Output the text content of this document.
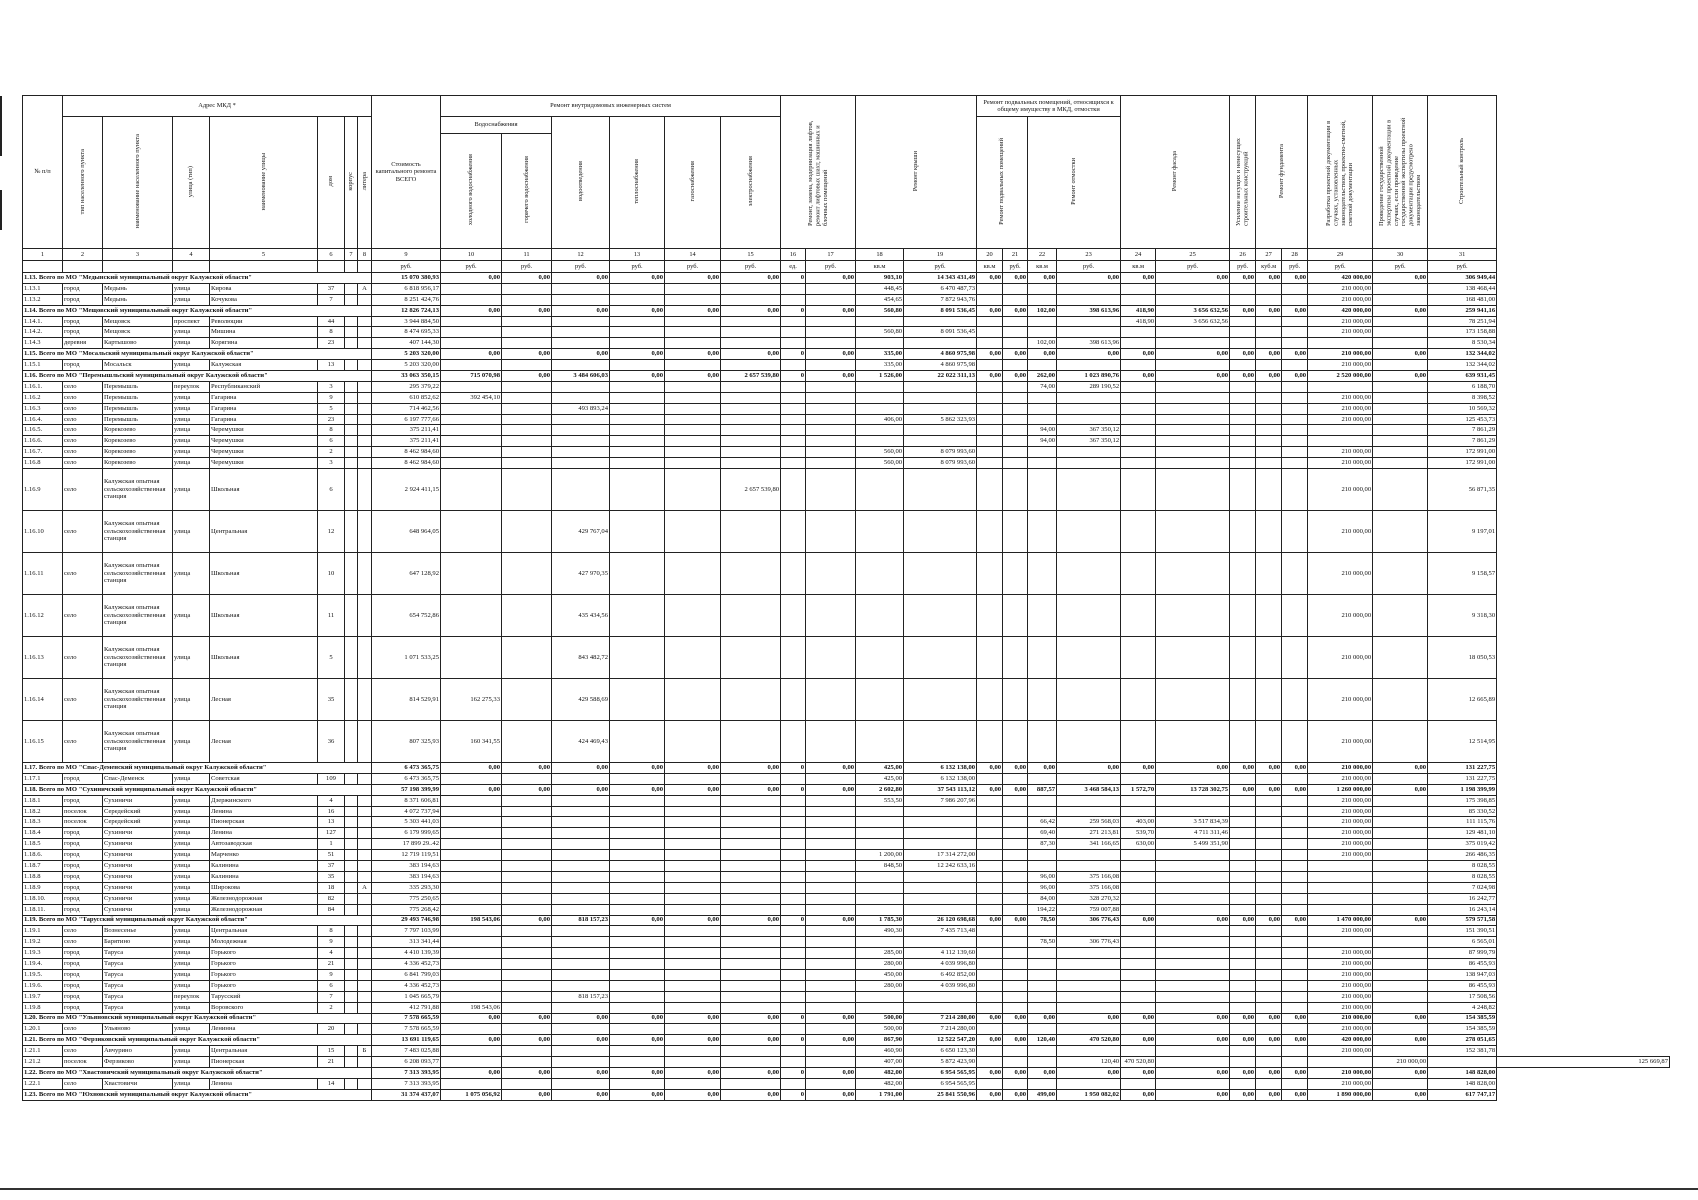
№ п/п	Адрес МКД *							Стоимость капитального ремонта ВСЕГО	Ремонт внутридомовых инженерных систем						Ремонт, замена, модернизация лифтов, ремонт лифтовых шахт, машинных и блочных помещений		Ремонт крыши		Ремонт подвальных помещений, относящихся к общему имуществу в МКД, отмостки				Ремонт фасада		Усиление несущих и ненесущих строительных конструкций	Ремонт фундамента		Разработка проектной документации в случаях, установленных законодательством, проектно-сметной, сметной документации	Проведение государственной экспертизы проектной документации в случаях, если проведение государственной экспертизы проектной документации предусмотрено законодательством	Строительный контроль	
	тип населенного пункта	наименование населенного пункта	улица (тип)	наименование улицы	дом	корпус	литера		Водоснабжения		водоотведения	теплоснабжения	газоснабжения	электроснабжения					Ремонт подвальных помещений		Ремонт отмостки										
									холодного водоснабжения	горячего водоснабжения																					
1	2	3	4	5	6	7	8	9	10	11	12	13	14	15	16	17	18	19	20	21	22	23	24	25	26	27	28	29	30	31	
								руб.	руб.	руб.	руб.	руб.	руб.	руб.	ед.	руб.	кв.м	руб.	кв.м	руб.	кв.м	руб.	кв.м	руб.	руб.	куб.м	руб.	руб.	руб.	руб.	
1.13. Всего по МО "Медынский муниципальный округ Калужской области"								15 070 380,93	0,00	0,00	0,00	0,00	0,00	0,00	0	0,00	903,10	14 343 431,49	0,00	0,00	0,00	0,00	0,00	0,00	0,00	0,00	0,00	420 000,00	0,00	306 949,44	
1.13.1	город	Медынь	улица	Кирова	37		А	6 818 956,17									448,45	6 470 487,73										210 000,00		138 468,44	
1.13.2	город	Медынь	улица	Кочукова	7			8 251 424,76									454,65	7 872 943,76										210 000,00		168 481,00	
1.14. Всего по МО "Мещовский муниципальный округ Калужской области"								12 826 724,13	0,00	0,00	0,00	0,00	0,00	0,00	0	0,00	560,80	8 091 536,45	0,00	0,00	102,00	398 613,96	418,90	3 656 632,56	0,00	0,00	0,00	420 000,00	0,00	259 941,16	
1.14.1.	город	Мещовск	проспект	Революции	44			3 944 884,50															418,90	3 656 632,56				210 000,00		78 251,94	
1.14.2.	город	Мещовск	улица	Мишина	8			8 474 695,33									560,80	8 091 536,45										210 000,00		173 158,88	
1.14.3	деревня	Картышово	улица	Корягина	23			407 144,30													102,00	398 613,96								8 530,34	
1.15. Всего по МО "Мосальский муниципальный округ Калужской области"								5 203 320,00	0,00	0,00	0,00	0,00	0,00	0,00	0	0,00	335,00	4 860 975,98	0,00	0,00	0,00	0,00	0,00	0,00	0,00	0,00	0,00	210 000,00	0,00	132 344,02	
1.15.1	город	Мосальск	улица	Калужская	13			5 203 320,00									335,00	4 860 975,98										210 000,00		132 344,02	
1.16. Всего по МО "Перемышльский муниципальный округ Калужской области"								33 063 350,15	715 070,98	0,00	3 484 606,03	0,00	0,00	2 657 539,80	0	0,00	1 526,00	22 022 311,13	0,00	0,00	262,00	1 023 890,76	0,00	0,00	0,00	0,00	0,00	2 520 000,00	0,00	639 931,45	
1.16.1.	село	Перемышль	переулок	Республиканский	3			295 379,22													74,00	289 190,52								6 188,70	
1.16.2	село	Перемышль	улица	Гагарина	9			610 852,62	392 454,10																			210 000,00		8 398,52	
1.16.3	село	Перемышль	улица	Гагарина	5			714 462,56			493 893,24																	210 000,00		10 569,32	
1.16.4.	село	Перемышль	улица	Гагарина	23			6 197 777,66									406,00	5 862 323,93										210 000,00		125 453,73	
1.16.5.	село	Корекозево	улица	Черемушки	8			375 211,41													94,00	367 350,12								7 861,29	
1.16.6.	село	Корекозево	улица	Черемушки	6			375 211,41													94,00	367 350,12								7 861,29	
1.16.7.	село	Корекозево	улица	Черемушки	2			8 462 984,60									560,00	8 079 993,60										210 000,00		172 991,00	
1.16.8	село	Корекозево	улица	Черемушки	3			8 462 984,60									560,00	8 079 993,60										210 000,00		172 991,00	
1.16.9	село	Калужская опытная сельскохозяйственная станция	улица	Школьная	6			2 924 411,15						2 657 539,80														210 000,00		56 871,35	
1.16.10	село	Калужская опытная сельскохозяйственная станция	улица	Центральная	12			648 964,05			429 767,04																	210 000,00		9 197,01	
1.16.11	село	Калужская опытная сельскохозяйственная станция	улица	Школьная	10			647 128,92			427 970,35																	210 000,00		9 158,57	
1.16.12	село	Калужская опытная сельскохозяйственная станция	улица	Школьная	11			654 752,86			435 434,56																	210 000,00		9 318,30	
1.16.13	село	Калужская опытная сельскохозяйственная станция	улица	Школьная	5			1 071 533,25			843 482,72																	210 000,00		18 050,53	
1.16.14	село	Калужская опытная сельскохозяйственная станция	улица	Лесная	35			814 529,91	162 275,33		429 588,69																	210 000,00		12 665,89	
1.16.15	село	Калужская опытная сельскохозяйственная станция	улица	Лесная	36			807 325,93	160 341,55		424 469,43																	210 000,00		12 514,95	
1.17. Всего по МО "Спас-Деменский муниципальный округ Калужской области"								6 473 365,75	0,00	0,00	0,00	0,00	0,00	0,00	0	0,00	425,00	6 132 138,00	0,00	0,00	0,00	0,00	0,00	0,00	0,00	0,00	0,00	210 000,00	0,00	131 227,75	
1.17.1	город	Спас-Деменск	улица	Советская	109			6 473 365,75									425,00	6 132 138,00										210 000,00		131 227,75	
1.18. Всего по МО "Сухиничский муниципальный округ Калужской области"								57 198 399,99	0,00	0,00	0,00	0,00	0,00	0,00	0	0,00	2 602,80	37 543 113,12	0,00	0,00	887,57	3 468 584,13	1 572,70	13 728 302,75	0,00	0,00	0,00	1 260 000,00	0,00	1 198 399,99	
1.18.1	город	Сухиничи	улица	Дзержинского	4			8 371 606,81									553,50	7 986 207,96										210 000,00		175 398,85	
1.18.2	поселок	Середейский	улица	Ленина	16			4 072 737,94																				210 000,00		85 330,52	
1.18.3	поселок	Середейский	улица	Пионерская	13			5 303 441,03													66,42	259 568,03	403,00	3 517 834,39				210 000,00		111 115,76	
1.18.4	город	Сухиничи	улица	Ленина	127			6 179 999,65													69,40	271 213,81	539,70	4 711 311,46				210 000,00		129 481,10	
1.18.5	город	Сухиничи	улица	Автозаводская	1			17 899 29..42													87,30	341 166,65	630,00	5 499 351,90				210 000,00		375 019,42	
1.18.6.	город	Сухиничи	улица	Марченко	51			12 719 119,51									1 200,00	17 314 272,00										210 000,00		266 486,35	
1.18.7	город	Сухиничи	улица	Калинина	37			383 194,63									848,50	12 242 633,16												8 028,55	
1.18.8	город	Сухиничи	улица	Калинина	35			383 194,63													96,00	375 166,08								8 028,55	
1.18.9	город	Сухиничи	улица	Широкова	18		А	335 293,30													96,00	375 166,08								7 024,98	
1.18.10.	город	Сухиничи	улица	Железнодорожная	82			775 250,65													84,00	328 270,32								16 242,77	
1.18.11.	город	Сухиничи	улица	Железнодорожная	84			775 268,42													194,22	759 007,88								16 243,14	
1.19. Всего по МО "Тарусский муниципальный округ Калужской области"								29 493 746,98	198 543,06	0,00	818 157,23	0,00	0,00	0,00	0	0,00	1 785,30	26 120 698,68	0,00	0,00	78,50	306 776,43	0,00	0,00	0,00	0,00	0,00	1 470 000,00	0,00	579 571,58	
1.19.1	село	Вознесенье	улица	Центральная	8			7 797 103,99									490,30	7 435 713,48										210 000,00		151 390,51	
1.19.2	село	Барятино	улица	Молодежная	9			313 341,44													78,50	306 776,43								6 565,01	
1.19.3	город	Таруса	улица	Горького	4			4 410 139,39									285,00	4 112 139,60										210 000,00		87 999,79	
1.19.4.	город	Таруса	улица	Горького	21			4 336 452,73									280,00	4 039 996,80										210 000,00		86 455,93	
1.19.5.	город	Таруса	улица	Горького	9			6 841 799,03									450,00	6 492 852,00										210 000,00		138 947,03	
1.19.6.	город	Таруса	улица	Горького	6			4 336 452,73									280,00	4 039 996,80										210 000,00		86 455,93	
1.19.7	город	Таруса	переулок	Тарусский	7			1 045 665,79			818 157,23																	210 000,00		17 508,56	
1.19.8	город	Таруса	улица	Воровского	2			412 791,88	198 543,06																			210 000,00		4 248,82	
1.20. Всего по МО "Ульяновский муниципальный округ Калужской области"								7 578 665,59	0,00	0,00	0,00	0,00	0,00	0,00	0	0,00	500,00	7 214 280,00	0,00	0,00	0,00	0,00	0,00	0,00	0,00	0,00	0,00	210 000,00	0,00	154 385,59	
1.20.1	село	Ульяново	улица	Ленинна	20			7 578 665,59									500,00	7 214 280,00										210 000,00		154 385,59	
1.21. Всего по МО "Ферзиковский муниципальный округ Калужской области"								13 691 119,65	0,00	0,00	0,00	0,00	0,00	0,00	0	0,00	867,90	12 522 547,20	0,00	0,00	120,40	470 520,80	0,00	0,00	0,00	0,00	0,00	420 000,00	0,00	278 051,65	
1.21.1	село	Авчурино	улица	Центральная	15		Б	7 483 025,88									460,90	6 650 123,30										210 000,00		152 381,78	
1.21.2	поселок	Ферзиково	улица	Пионерская	21			6 208 093,77									407,00	5 872 423,90				120,40	470 520,80						210 000,00		125 669,87
1.22. Всего по МО "Хвастовичский муниципальный округ Калужской области"								7 313 393,95	0,00	0,00	0,00	0,00	0,00	0,00	0	0,00	482,00	6 954 565,95	0,00	0,00	0,00	0,00	0,00	0,00	0,00	0,00	0,00	210 000,00	0,00	148 828,00	
1.22.1	село	Хвастовичи	улица	Ленина	14			7 313 393,95									482,00	6 954 565,95										210 000,00		148 828,00	
1.23. Всего по МО "Юхновский муниципальный округ Калужской области"								31 374 437,07	1 075 056,92	0,00	0,00	0,00	0,00	0,00	0	0,00	1 791,00	25 841 550,96	0,00	0,00	499,00	1 950 082,02	0,00	0,00	0,00	0,00	0,00	1 890 000,00	0,00	617 747,17	
